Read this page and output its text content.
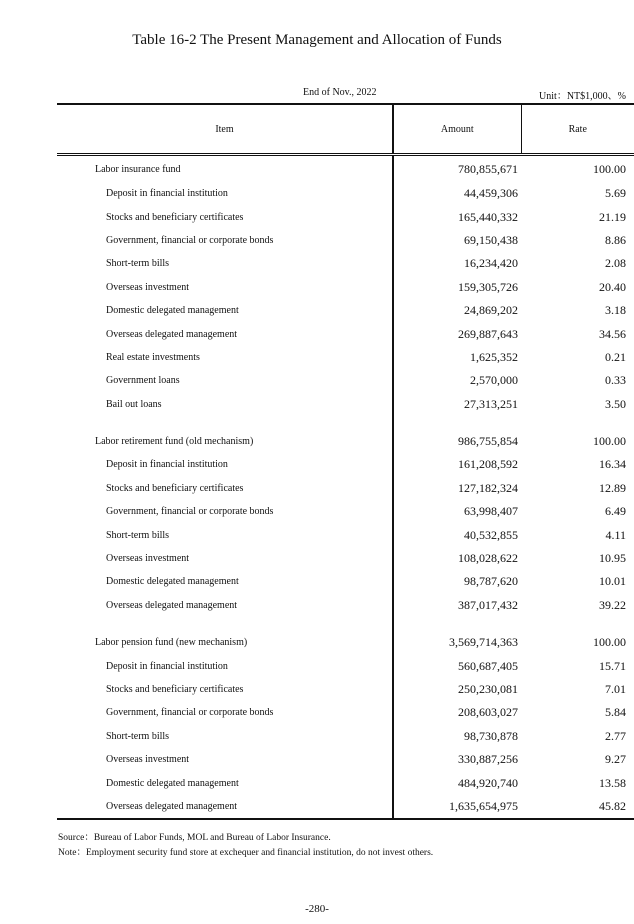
Table 16-2 The Present Management and Allocation of Funds
End of Nov., 2022	Unit：NT$1,000、%
Item	Amount	Rate
Labor insurance fund	780,855,671	100.00
Deposit in financial institution	44,459,306	5.69
Stocks and beneficiary certificates	165,440,332	21.19
Government, financial or corporate bonds	69,150,438	8.86
Short-term bills	16,234,420	2.08
Overseas investment	159,305,726	20.40
Domestic delegated management	24,869,202	3.18
Overseas delegated management	269,887,643	34.56
Real estate investments	1,625,352	0.21
Government loans	2,570,000	0.33
Bail out loans	27,313,251	3.50

Labor retirement fund (old mechanism)	986,755,854	100.00
Deposit in financial institution	161,208,592	16.34
Stocks and beneficiary certificates	127,182,324	12.89
Government, financial or corporate bonds	63,998,407	6.49
Short-term bills	40,532,855	4.11
Overseas investment	108,028,622	10.95
Domestic delegated management	98,787,620	10.01
Overseas delegated management	387,017,432	39.22

Labor pension fund (new mechanism)	3,569,714,363	100.00
Deposit in financial institution	560,687,405	15.71
Stocks and beneficiary certificates	250,230,081	7.01
Government, financial or corporate bonds	208,603,027	5.84
Short-term bills	98,730,878	2.77
Overseas investment	330,887,256	9.27
Domestic delegated management	484,920,740	13.58
Overseas delegated management	1,635,654,975	45.82
Source：Bureau of Labor Funds, MOL and Bureau of Labor Insurance.
Note：Employment security fund store at exchequer and financial institution, do not invest others.
-280-
